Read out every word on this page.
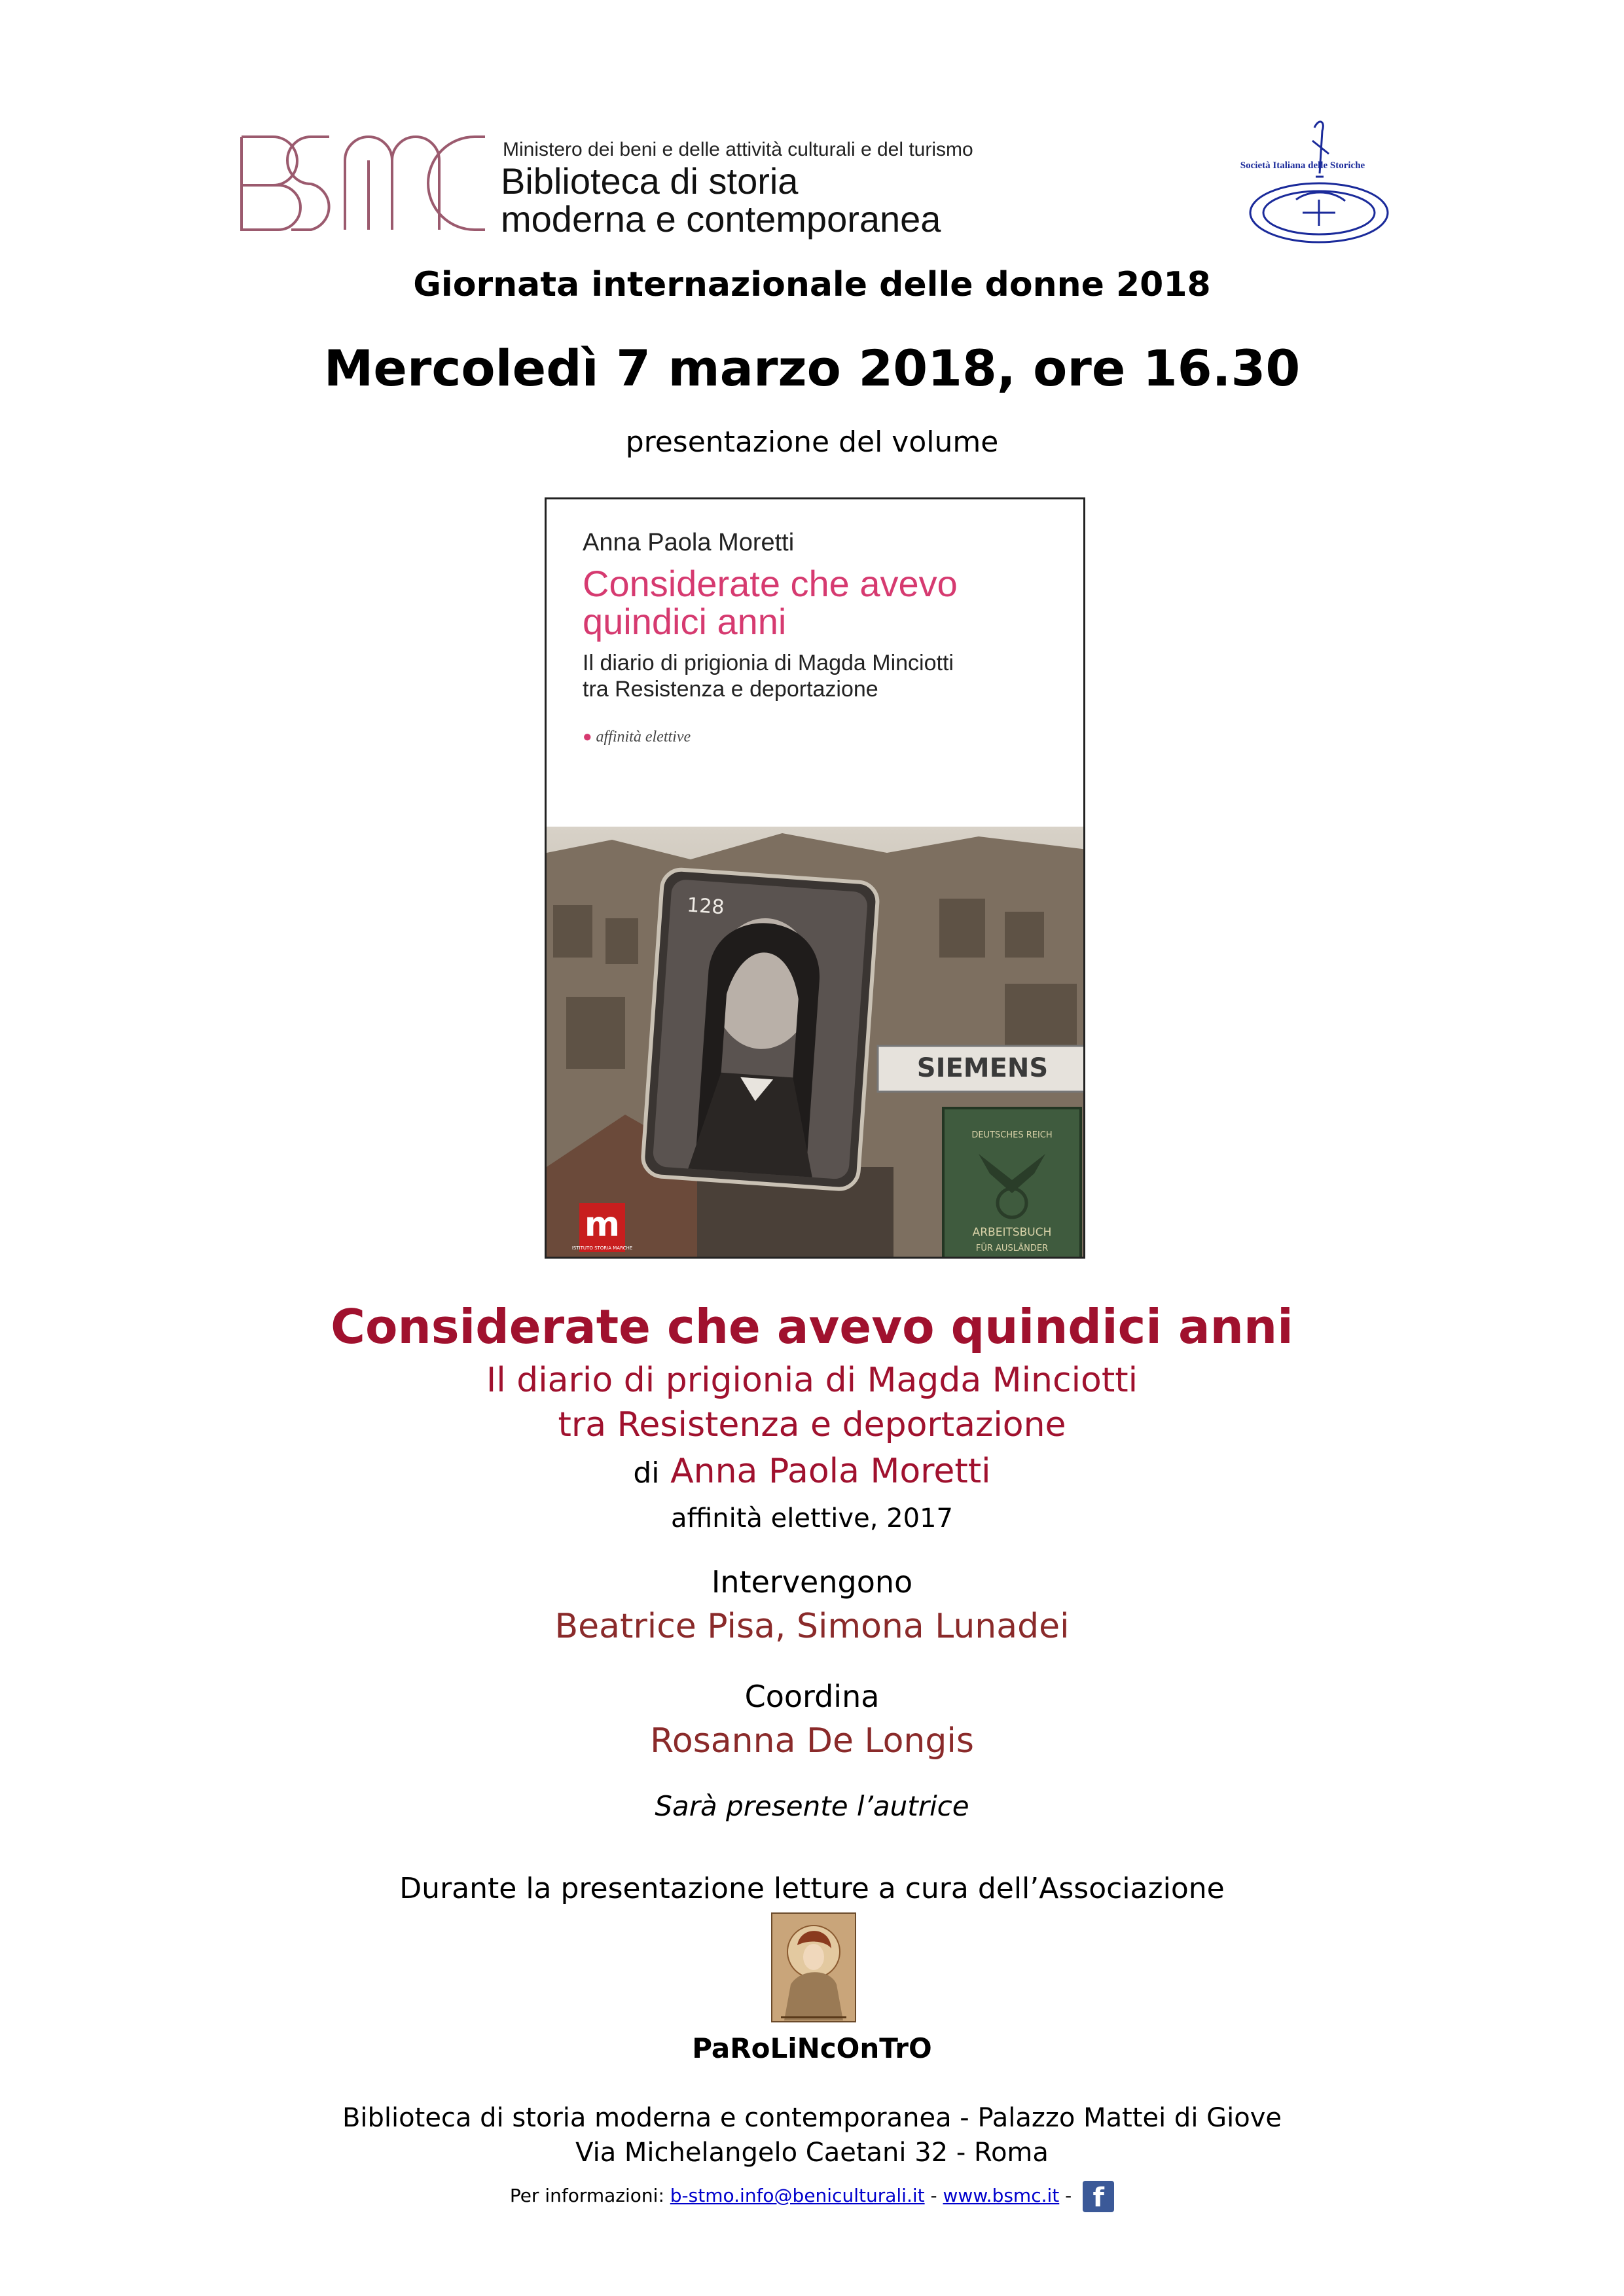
Ministero dei beni e delle attività culturali e del turismo
Biblioteca di storia
moderna e contemporanea
Società Italiana delle Storiche
Giornata internazionale delle donne 2018
Mercoledì 7 marzo 2018, ore 16.30
presentazione del volume
Anna Paola Moretti
Considerate che avevo
quindici anni
Il diario di prigionia di Magda Minciotti
tra Resistenza e deportazione
● affinità elettive
128
SIEMENS
DEUTSCHES REICH
ARBEITSBUCH
FÜR AUSLÄNDER
m
ISTITUTO STORIA MARCHE
Considerate che avevo quindici anni
Il diario di prigionia di Magda Minciotti
tra Resistenza e deportazione
di Anna Paola Moretti
affinità elettive, 2017
Intervengono
Beatrice Pisa, Simona Lunadei
Coordina
Rosanna De Longis
Sarà presente l’autrice
Durante la presentazione letture a cura dell’Associazione
PaRoLiNcOnTrO
Biblioteca di storia moderna e contemporanea - Palazzo Mattei di Giove
Via Michelangelo Caetani 32 - Roma
Per informazioni: b-stmo.info@beniculturali.it - www.bsmc.it - f
